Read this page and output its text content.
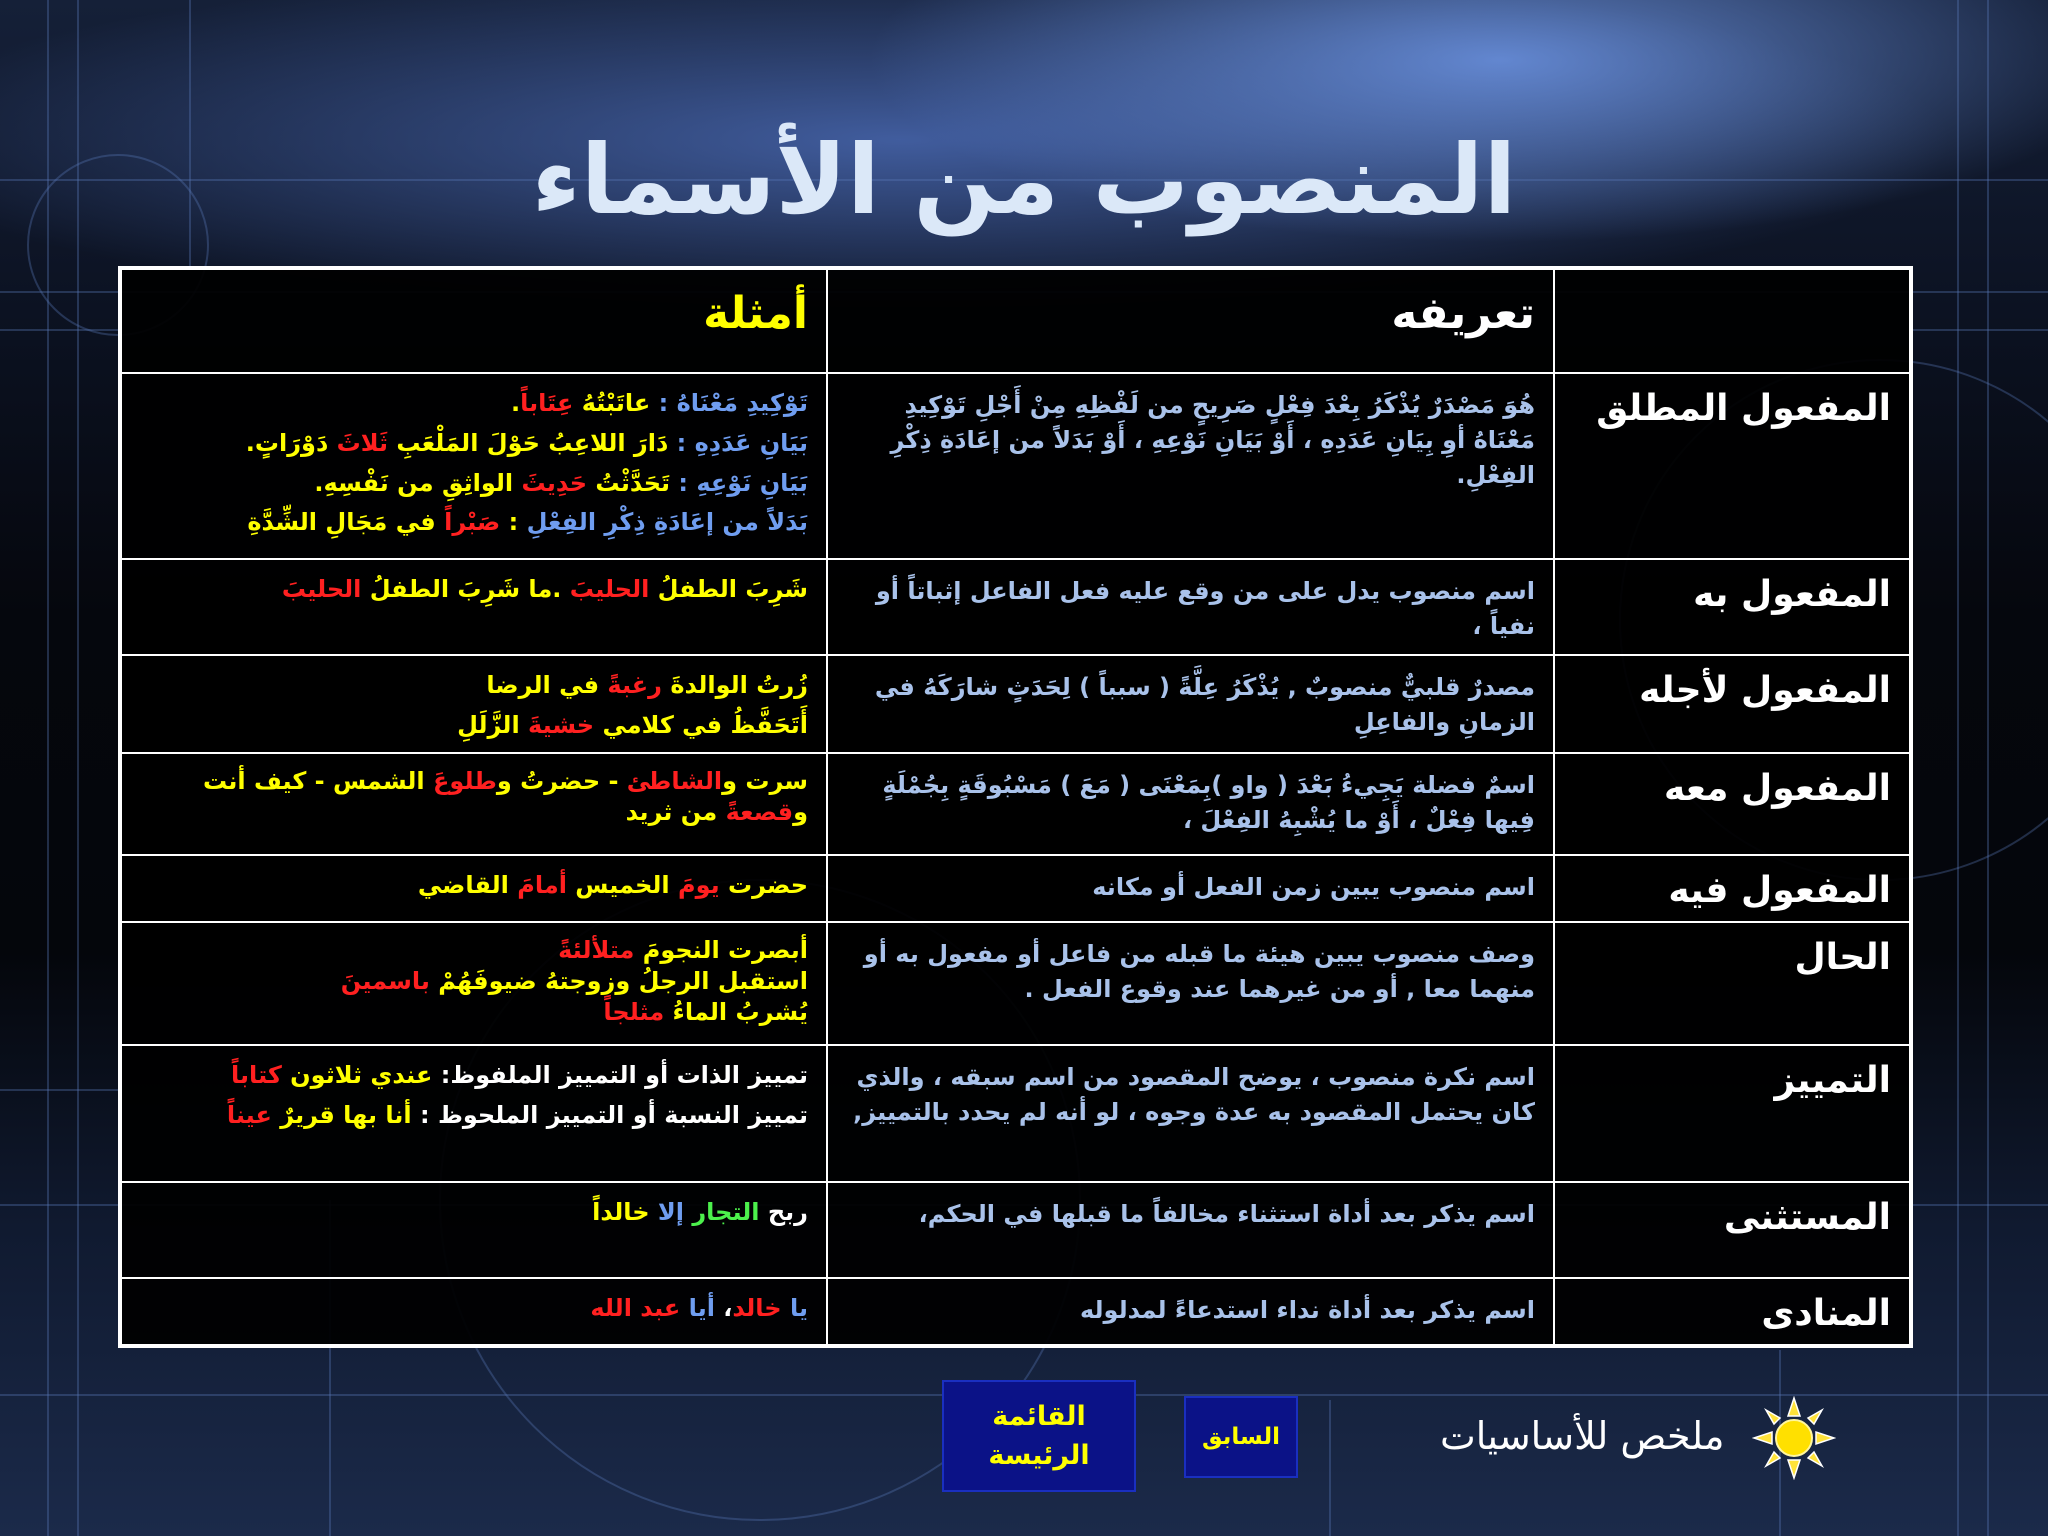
المنصوب من الأسماء
تعريفه
أمثلة
المفعول المطلق
هُوَ مَصْدَرٌ يُذْكَرُ بِعْدَ فِعْلٍ صَرِيحٍ من لَفْظِهِ مِنْ أَجْلِ تَوْكِيدِ مَعْنَاهُ أوِ بِيَانِ عَدَدِهِ ، أَوْ بَيَانِ نَوْعِهِ ، أَوْ بَدَلاً من إعَادَةِ ذِكْرِ الفِعْلِ.

تَوْكِيدِ مَعْنَاهُ : عاتَبْتُهُ عِتَاباً.

بَيَانِ عَدَدِهِ : دَارَ اللاعِبُ حَوْلَ المَلْعَبِ ثَلاثَ دَوْرَاتٍ.

بَيَانِ نَوْعِهِ : تَحَدَّثْتُ حَدِيثَ الواثِقِ من نَفْسِهِ.

بَدَلاً من إعَادَةِ ذِكْرِ الفِعْلِ : صَبْراً في مَجَالِ الشِّدَّةِ

المفعول به
اسم منصوب يدل على من وقع عليه فعل الفاعل إثباتاً أو نفياً ،

شَرِبَ الطفلُ الحليبَ .ما شَرِبَ الطفلُ الحليبَ

المفعول لأجله
مصدرٌ قلبيٌّ منصوبٌ , يُذْكَرُ عِلَّةً ( سبباً ) لِحَدَثٍ شارَكَهُ في الزمانِ والفاعِلِ

زُرتُ الوالدةَ رغبةً في الرضا

أَتَحَفَّظُ في كلامي خشيةَ الزَّلَلِ

المفعول معه
اسمٌ فضلة يَجِيءُ بَعْدَ ( واو )بِمَعْنَى ( مَعَ ) مَسْبُوقَةٍ بِجُمْلَةٍ فِيها فِعْلٌ ، أَوْ ما يُشْبِهُ الفِعْلَ ،

سرت والشاطئ - حضرتُ وطلوعَ الشمس - كيف أنت وقصعةً من ثريد

المفعول فيه
اسم منصوب يبين زمن الفعل أو مكانه

حضرت يومَ الخميس أمامَ القاضي

الحال
وصف منصوب يبين هيئة ما قبله من فاعل أو مفعول به أو منهما معا , أو من غيرهما عند وقوع الفعل .

أبصرت النجومَ متلألئةً

استقبل الرجلُ وزوجتهُ ضيوفَهُمْ باسمينَ

يُشربُ الماءُ مثلجاً

التمييز
اسم نكرة منصوب ، يوضح المقصود من اسم سبقه ، والذي كان يحتمل المقصود به عدة وجوه ، لو أنه لم يحدد بالتمييز,

تمييز الذات أو التمييز الملفوظ: عندي ثلاثون كتاباً

تمييز النسبة أو التمييز الملحوظ : أنا بها قريرٌ عيناً

المستثنى
اسم يذكر بعد أداة استثناء مخالفاً ما قبلها في الحكم،

ربح التجار إلا خالداً

المنادى
اسم يذكر بعد أداة نداء استدعاءً لمدلوله

يا خالد، أيا عبد الله

القائمة الرئيسة
السابق	ملخص للأساسيات
